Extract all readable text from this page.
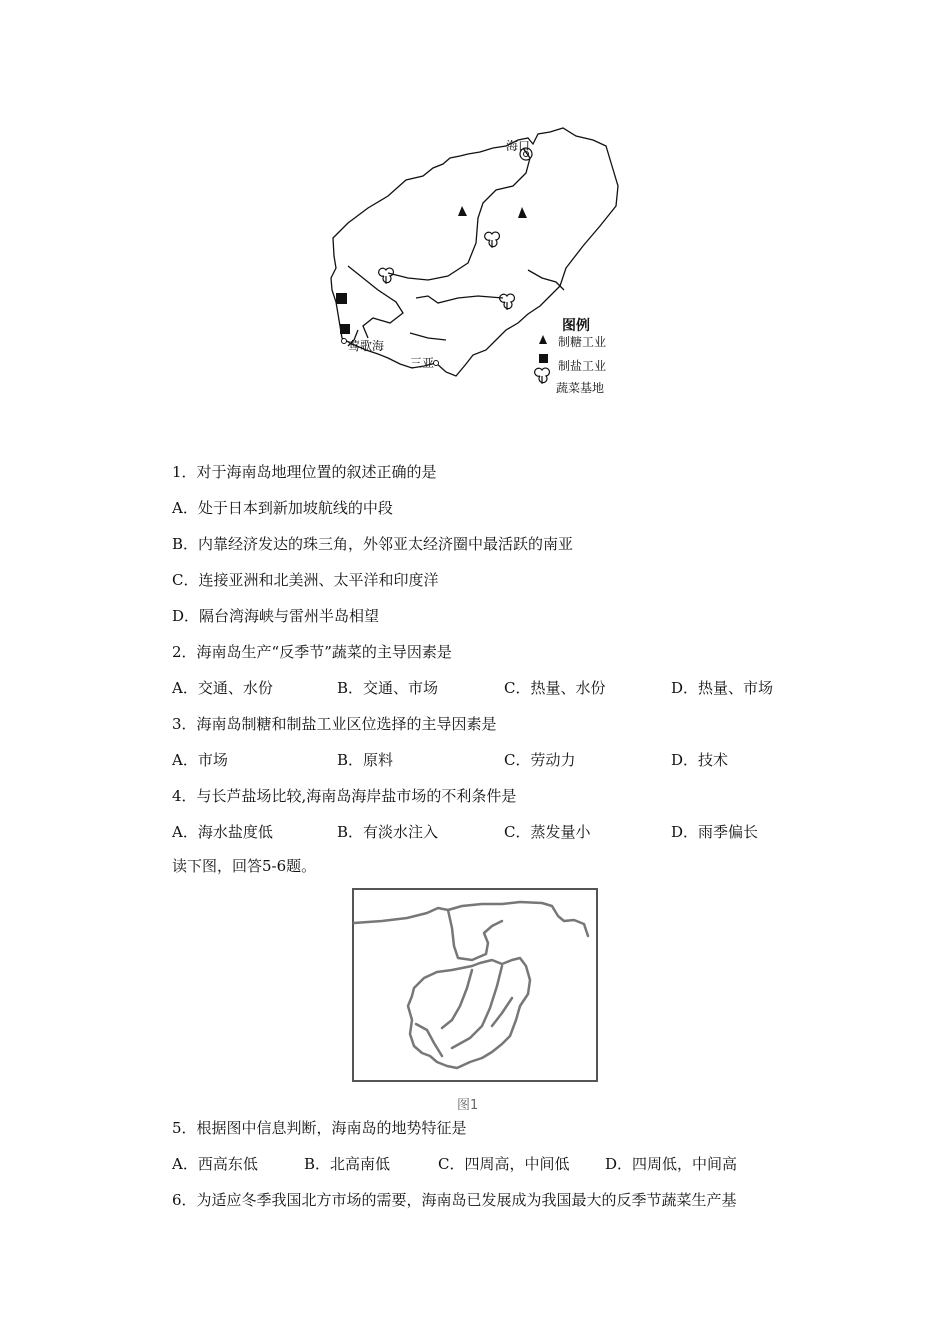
海口
莺歌海
三亚
图例
制糖工业
制盐工业
蔬菜基地
1．对于海南岛地理位置的叙述正确的是
A．处于日本到新加坡航线的中段
B．内靠经济发达的珠三角，外邻亚太经济圈中最活跃的南亚
C．连接亚洲和北美洲、太平洋和印度洋
D．隔台湾海峡与雷州半岛相望
2．海南岛生产“反季节”蔬菜的主导因素是
A．交通、水份	B．交通、市场	C．热量、水份	D．热量、市场
3．海南岛制糖和制盐工业区位选择的主导因素是
A．市场	B．原料	C．劳动力	D．技术
4．与长芦盐场比较,海南岛海岸盐市场的不利条件是
A．海水盐度低	B．有淡水注入	C．蒸发量小	D．雨季偏长
读下图，回答5-6题。
图1
5．根据图中信息判断，海南岛的地势特征是
A．西高东低	B．北高南低	C．四周高，中间低 D．四周低，中间高
6．为适应冬季我国北方市场的需要，海南岛已发展成为我国最大的反季节蔬菜生产基
